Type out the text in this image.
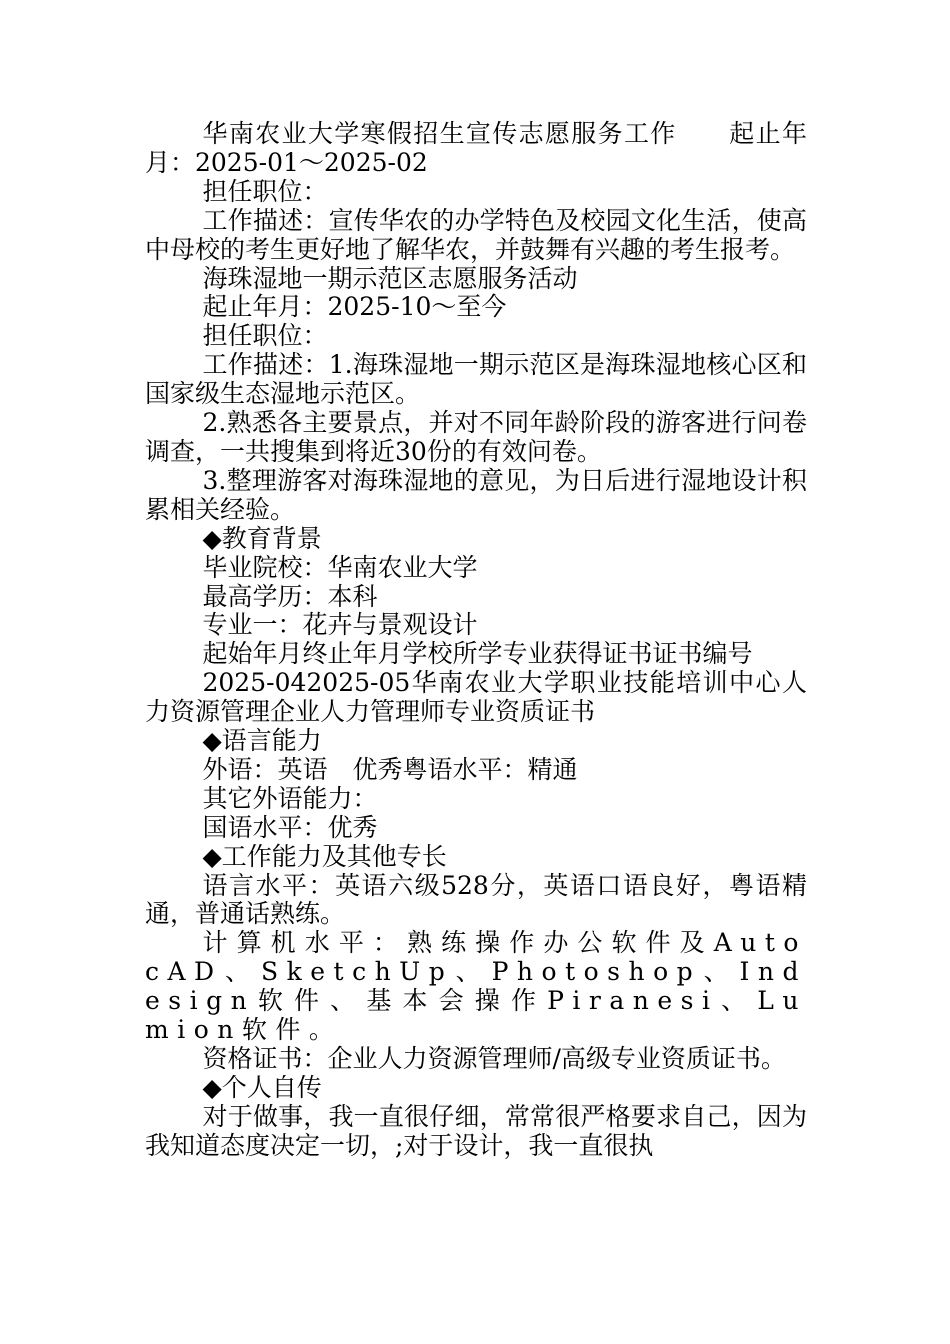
华南农业大学寒假招生宣传志愿服务工作　　起止年月：2025-01～2025-02

担任职位：

工作描述：宣传华农的办学特色及校园文化生活，使高中母校的考生更好地了解华农，并鼓舞有兴趣的考生报考。

海珠湿地一期示范区志愿服务活动

起止年月：2025-10～至今

担任职位：

工作描述：1.海珠湿地一期示范区是海珠湿地核心区和国家级生态湿地示范区。

2.熟悉各主要景点，并对不同年龄阶段的游客进行问卷调查，一共搜集到将近30份的有效问卷。

3.整理游客对海珠湿地的意见，为日后进行湿地设计积累相关经验。

◆教育背景

毕业院校：华南农业大学

最高学历：本科

专业一：花卉与景观设计

起始年月终止年月学校所学专业获得证书证书编号

2025-042025-05华南农业大学职业技能培训中心人力资源管理企业人力管理师专业资质证书

◆语言能力

外语：英语　优秀粤语水平：精通

其它外语能力：

国语水平：优秀

◆工作能力及其他专长

语言水平：英语六级528分，英语口语良好，粤语精通，普通话熟练。

计算机水平：熟练操作办公软件及AutocAD、SketchUp、Photoshop、Indesign软件、基本会操作Piranesi、Lumion软件。

资格证书：企业人力资源管理师/高级专业资质证书。

◆个人自传

对于做事，我一直很仔细，常常很严格要求自己，因为我知道态度决定一切，;对于设计，我一直很执
